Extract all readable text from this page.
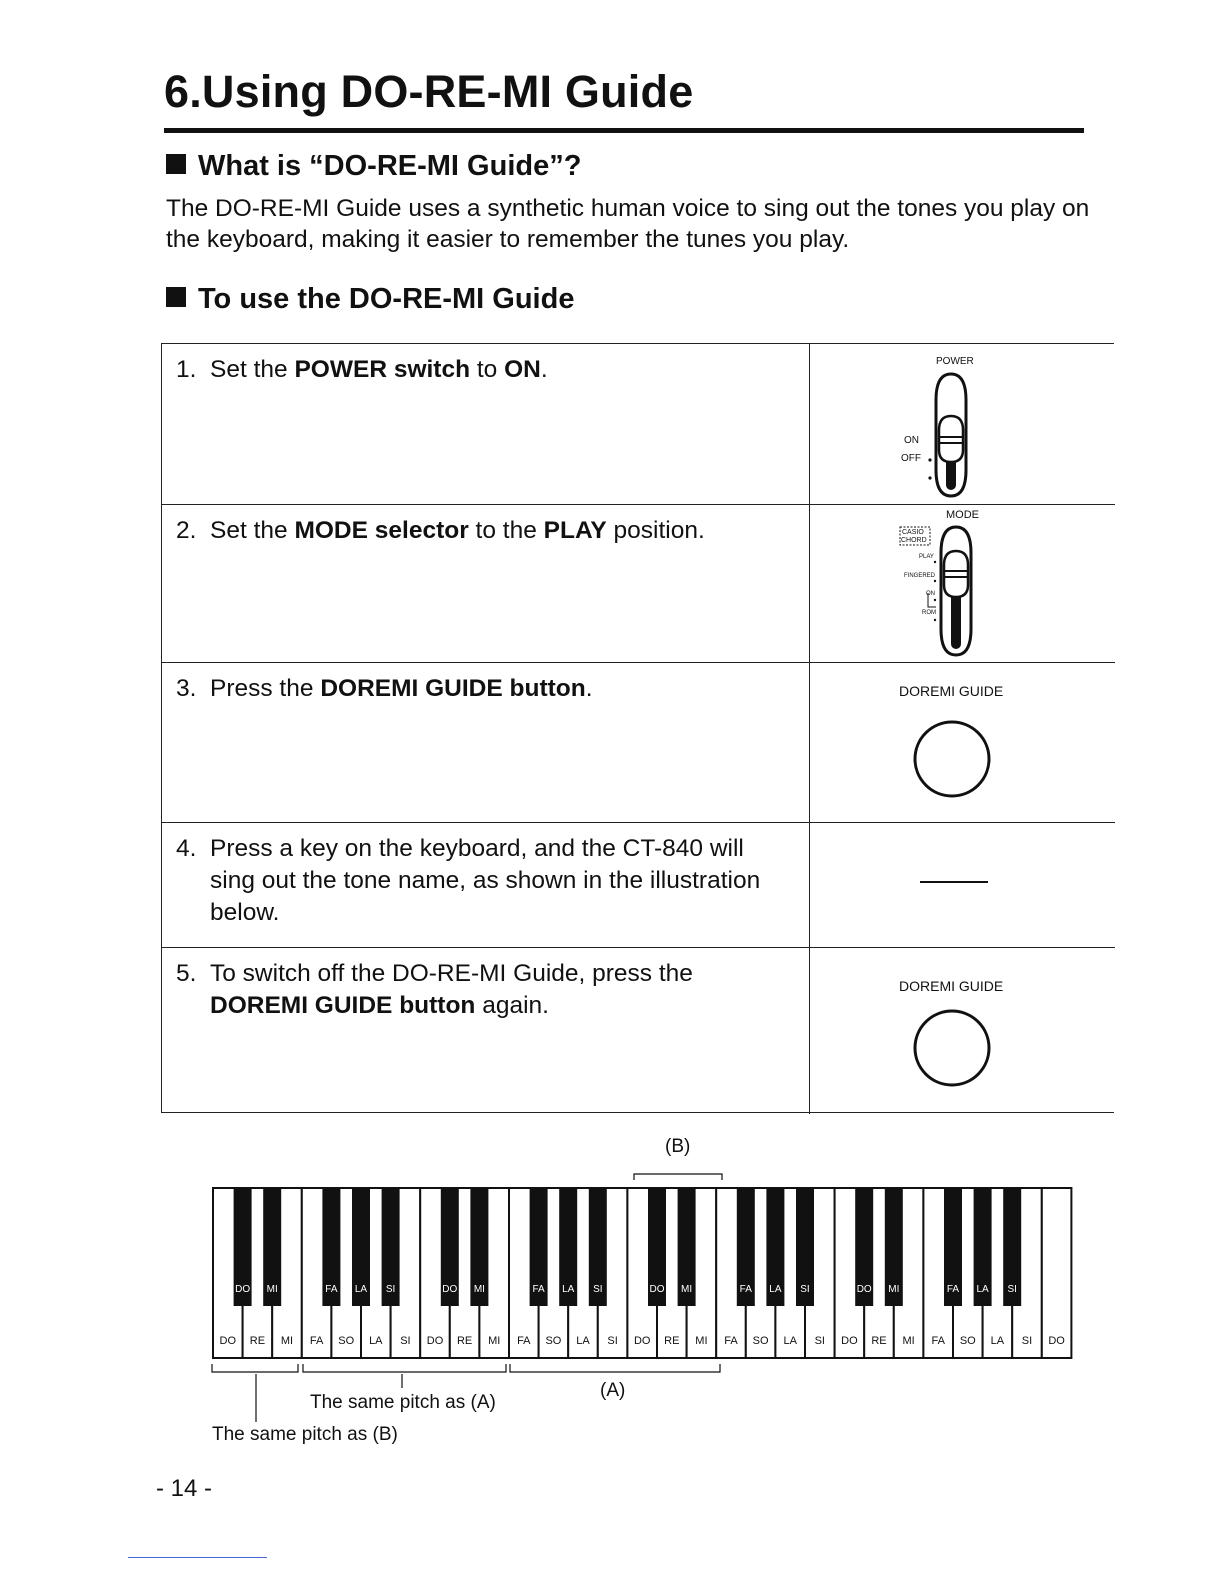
6.Using DO-RE-MI Guide
What is “DO-RE-MI Guide”?
The DO-RE-MI Guide uses a synthetic human voice to sing out the tones you play on the keyboard, making it easier to remember the tunes you play.
To use the DO-RE-MI Guide
1. Set the POWER switch to ON.	POWER
ON
OFF
2. Set the MODE selector to the PLAY position.
MODE
CASIO
CHORD
PLAY
FINGERED
ON
ROM
3. Press the DOREMI GUIDE button.	DOREMI GUIDE
4. Press a key on the keyboard, and the CT-840 will sing out the tone name, as shown in the illustration below.
5. To switch off the DO-RE-MI Guide, press the DOREMI GUIDE button again.
DOREMI GUIDE
(B)
(A)
The same pitch as (A)
The same pitch as (B)
DO RE MI FA SO LA SI DO RE MI FA SO LA SI DO RE MI FA SO LA SI DO RE MI FA SO LA SI DO
DO MI	FA LA SI	DO MI	FA LA SI	DO MI	FA LA SI	DO MI	FA LA SI
- 14 -
